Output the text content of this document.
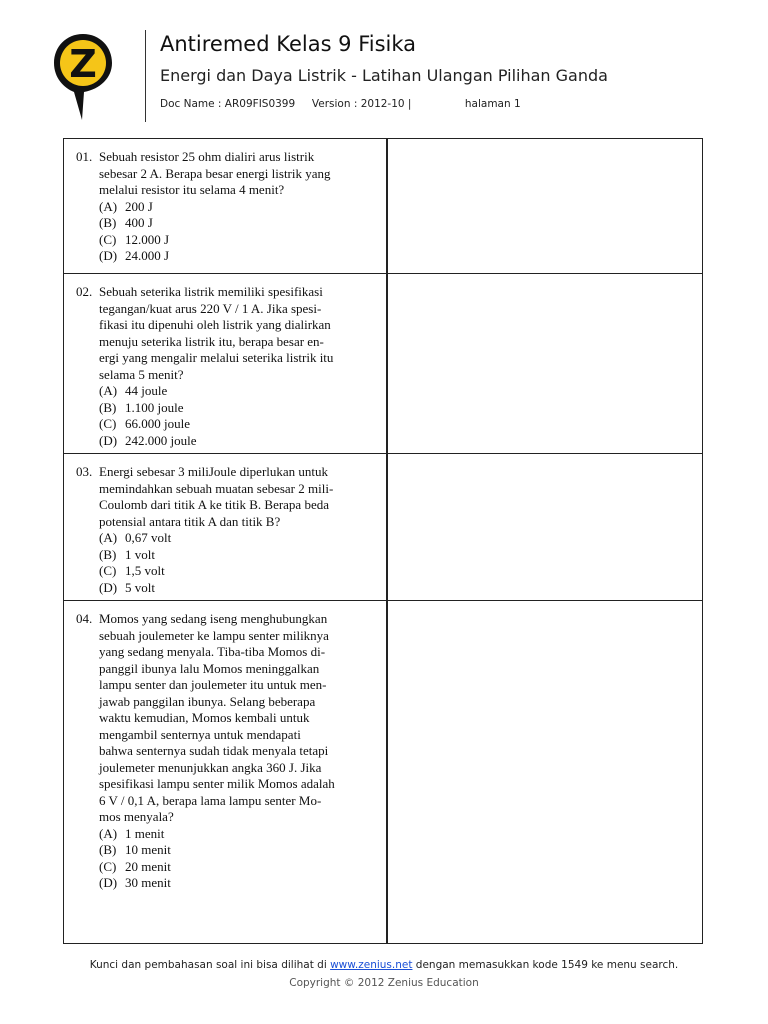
Z	Antiremed Kelas 9 Fisika
Energi dan Daya Listrik - Latihan Ulangan Pilihan Ganda
Doc Name : AR09FIS0399 Version : 2012-10 |	halaman 1
01. Sebuah resistor 25 ohm dialiri arus listrik
sebesar 2 A. Berapa besar energi listrik yang
melalui resistor itu selama 4 menit?
(A) 200 J
(B) 400 J
(C) 12.000 J
(D) 24.000 J
02. Sebuah seterika listrik memiliki spesifikasi
tegangan/kuat arus 220 V / 1 A. Jika spesi-
fikasi itu dipenuhi oleh listrik yang dialirkan
menuju seterika listrik itu, berapa besar en-
ergi yang mengalir melalui seterika listrik itu
selama 5 menit?
(A) 44 joule
(B) 1.100 joule
(C) 66.000 joule
(D) 242.000 joule
03. Energi sebesar 3 miliJoule diperlukan untuk
memindahkan sebuah muatan sebesar 2 mili-
Coulomb dari titik A ke titik B. Berapa beda
potensial antara titik A dan titik B?
(A) 0,67 volt
(B) 1 volt
(C) 1,5 volt
(D) 5 volt
04. Momos yang sedang iseng menghubungkan
sebuah joulemeter ke lampu senter miliknya
yang sedang menyala. Tiba-tiba Momos di-
panggil ibunya lalu Momos meninggalkan
lampu senter dan joulemeter itu untuk men-
jawab panggilan ibunya. Selang beberapa
waktu kemudian, Momos kembali untuk
mengambil senternya untuk mendapati
bahwa senternya sudah tidak menyala tetapi
joulemeter menunjukkan angka 360 J. Jika
spesifikasi lampu senter milik Momos adalah
6 V / 0,1 A, berapa lama lampu senter Mo-
mos menyala?
(A) 1 menit
(B) 10 menit
(C) 20 menit
(D) 30 menit
Kunci dan pembahasan soal ini bisa dilihat di www.zenius.net dengan memasukkan kode 1549 ke menu search.
Copyright © 2012 Zenius Education
